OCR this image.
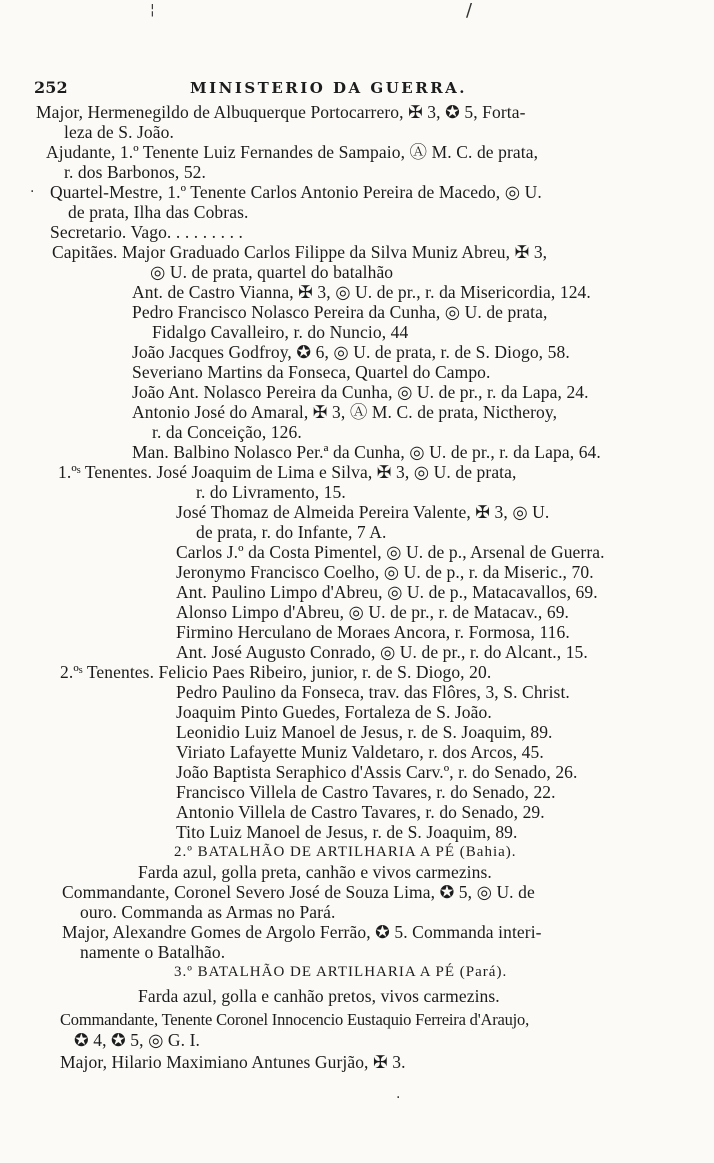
¦	/
252	MINISTERIO DA GUERRA.
Major, Hermenegildo de Albuquerque Portocarrero, ✠ 3, ✪ 5, Forta-
leza de S. João.
Ajudante, 1.º Tenente Luiz Fernandes de Sampaio, Ⓐ M. C. de prata,
r. dos Barbonos, 52.
Quartel-Mestre, 1.º Tenente Carlos Antonio Pereira de Macedo, ◎ U.
de prata, Ilha das Cobras.
Secretario. Vago. . . . . . . . .
Capitães. Major Graduado Carlos Filippe da Silva Muniz Abreu, ✠ 3,
◎ U. de prata, quartel do batalhão
Ant. de Castro Vianna, ✠ 3, ◎ U. de pr., r. da Misericordia, 124.
Pedro Francisco Nolasco Pereira da Cunha, ◎ U. de prata,
Fidalgo Cavalleiro, r. do Nuncio, 44
João Jacques Godfroy, ✪ 6, ◎ U. de prata, r. de S. Diogo, 58.
Severiano Martins da Fonseca, Quartel do Campo.
João Ant. Nolasco Pereira da Cunha, ◎ U. de pr., r. da Lapa, 24.
Antonio José do Amaral, ✠ 3, Ⓐ M. C. de prata, Nictheroy,
r. da Conceição, 126.
Man. Balbino Nolasco Per.ª da Cunha, ◎ U. de pr., r. da Lapa, 64.
1.ºˢ Tenentes. José Joaquim de Lima e Silva, ✠ 3, ◎ U. de prata,
r. do Livramento, 15.
José Thomaz de Almeida Pereira Valente, ✠ 3, ◎ U.
de prata, r. do Infante, 7 A.
Carlos J.º da Costa Pimentel, ◎ U. de p., Arsenal de Guerra.
Jeronymo Francisco Coelho, ◎ U. de p., r. da Miseric., 70.
Ant. Paulino Limpo d'Abreu, ◎ U. de p., Matacavallos, 69.
Alonso Limpo d'Abreu, ◎ U. de pr., r. de Matacav., 69.
Firmino Herculano de Moraes Ancora, r. Formosa, 116.
Ant. José Augusto Conrado, ◎ U. de pr., r. do Alcant., 15.
2.ºˢ Tenentes. Felicio Paes Ribeiro, junior, r. de S. Diogo, 20.
Pedro Paulino da Fonseca, trav. das Flôres, 3, S. Christ.
Joaquim Pinto Guedes, Fortaleza de S. João.
Leonidio Luiz Manoel de Jesus, r. de S. Joaquim, 89.
Viriato Lafayette Muniz Valdetaro, r. dos Arcos, 45.
João Baptista Seraphico d'Assis Carv.º, r. do Senado, 26.
Francisco Villela de Castro Tavares, r. do Senado, 22.
Antonio Villela de Castro Tavares, r. do Senado, 29.
Tito Luiz Manoel de Jesus, r. de S. Joaquim, 89.
2.º BATALHÃO DE ARTILHARIA A PÉ (Bahia).
Farda azul, golla preta, canhão e vivos carmezins.
Commandante, Coronel Severo José de Souza Lima, ✪ 5, ◎ U. de
ouro. Commanda as Armas no Pará.
Major, Alexandre Gomes de Argolo Ferrão, ✪ 5. Commanda interi-
namente o Batalhão.
3.º BATALHÃO DE ARTILHARIA A PÉ (Pará).
Farda azul, golla e canhão pretos, vivos carmezins.
Commandante, Tenente Coronel Innocencio Eustaquio Ferreira d'Araujo,
✪ 4, ✪ 5, ◎ G. I.
Major, Hilario Maximiano Antunes Gurjão, ✠ 3.
·
·
